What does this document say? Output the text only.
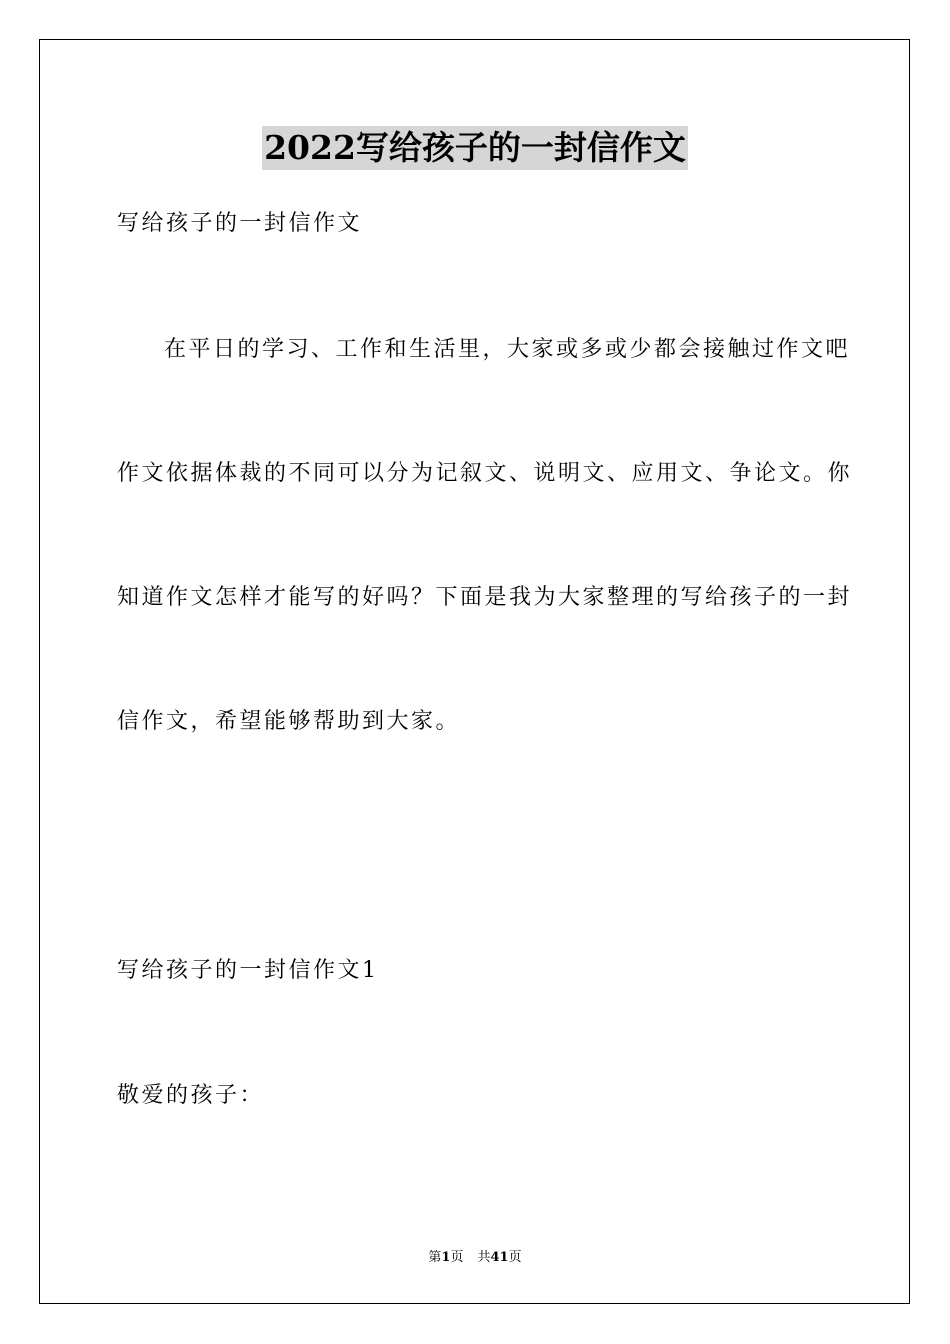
2022写给孩子的一封信作文

写给孩子的一封信作文

在平日的学习、工作和生活里，大家或多或少都会接触过作文吧

作文依据体裁的不同可以分为记叙文、说明文、应用文、争论文。你

知道作文怎样才能写的好吗？下面是我为大家整理的写给孩子的一封

信作文，希望能够帮助到大家。

写给孩子的一封信作文1

敬爱的孩子：

第1页 共41页
